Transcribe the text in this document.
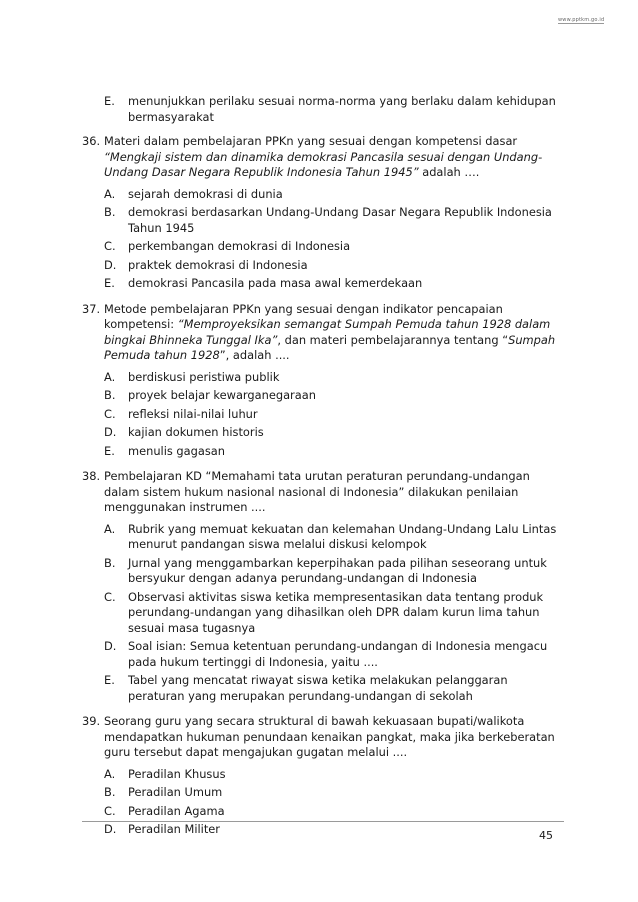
www.pptkm.go.id
E. menunjukkan perilaku sesuai norma-norma yang berlaku dalam kehidupan bermasyarakat
36. Materi dalam pembelajaran PPKn yang sesuai dengan kompetensi dasar “Mengkaji sistem dan dinamika demokrasi Pancasila sesuai dengan Undang-Undang Dasar Negara Republik Indonesia Tahun 1945” adalah ….
A. sejarah demokrasi di dunia
B. demokrasi berdasarkan Undang-Undang Dasar Negara Republik Indonesia Tahun 1945
C. perkembangan demokrasi di Indonesia
D. praktek demokrasi di Indonesia
E. demokrasi Pancasila pada masa awal kemerdekaan
37. Metode pembelajaran PPKn yang sesuai dengan indikator pencapaian kompetensi: “Memproyeksikan semangat Sumpah Pemuda tahun 1928 dalam bingkai Bhinneka Tunggal Ika”, dan materi pembelajarannya tentang “Sumpah Pemuda tahun 1928”, adalah ....
A. berdiskusi peristiwa publik
B. proyek belajar kewarganegaraan
C. refleksi nilai-nilai luhur
D. kajian dokumen historis
E. menulis gagasan
38. Pembelajaran KD “Memahami tata urutan peraturan perundang-undangan dalam sistem hukum nasional nasional di Indonesia” dilakukan penilaian menggunakan instrumen ....
A. Rubrik yang memuat kekuatan dan kelemahan Undang-Undang Lalu Lintas menurut pandangan siswa melalui diskusi kelompok
B. Jurnal yang menggambarkan keperpihakan pada pilihan seseorang untuk bersyukur dengan adanya perundang-undangan di Indonesia
C. Observasi aktivitas siswa ketika mempresentasikan data tentang produk perundang-undangan yang dihasilkan oleh DPR dalam kurun lima tahun sesuai masa tugasnya
D. Soal isian: Semua ketentuan perundang-undangan di Indonesia mengacu pada hukum tertinggi di Indonesia, yaitu ....
E. Tabel yang mencatat riwayat siswa ketika melakukan pelanggaran peraturan yang merupakan perundang-undangan di sekolah
39. Seorang guru yang secara struktural di bawah kekuasaan bupati/walikota mendapatkan hukuman penundaan kenaikan pangkat, maka jika berkeberatan guru tersebut dapat mengajukan gugatan melalui ....
A. Peradilan Khusus
B. Peradilan Umum
C. Peradilan Agama
D. Peradilan Militer	45
